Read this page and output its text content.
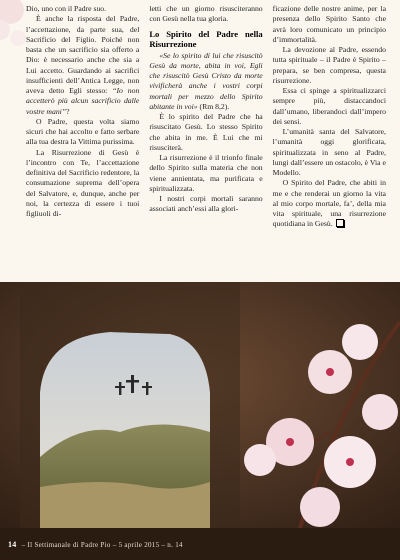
Dio, uno con il Padre suo.

È anche la risposta del Padre, l’accettazione, da parte sua, del Sacrificio del Figlio. Poiché non basta che un sacrificio sia offerto a Dio: è necessario anche che sia a Lui accetto. Guardando ai sacrifici insufficienti dell’Antica Legge, non aveva detto Egli stesso: “Io non accetterò più alcun sacrificio dalle vostre mani”?

O Padre, questa volta siamo sicuri che hai accolto e fatto serbare alla tua destra la Vittima purissima.

La Risurrezione di Gesù è l’incontro con Te, l’accettazione definitiva del Sacrificio redentore, la consumazione suprema dell’opera del Salvatore, e, dunque, anche per noi, la certezza di essere i tuoi figliuoli di-

letti che un giorno risusciteranno con Gesù nella tua gloria.

Lo Spirito del Padre nella Risurrezione

«Se lo spirito di lui che risuscitò Gesù da morte, abita in voi, Egli che risuscitò Gesù Cristo da morte vivificherà anche i vostri corpi mortali per mezzo dello Spirito abitante in voi» (Rm 8,2).

È lo spirito del Padre che ha risuscitato Gesù. Lo stesso Spirito che abita in me. È Lui che mi risusciterà.

La risurrezione è il trionfo finale dello Spirito sulla materia che non viene annientata, ma purificata e spiritualizzata.

I nostri corpi mortali saranno associati anch’essi alla glori-

ficazione delle nostre anime, per la presenza dello Spirito Santo che avrà loro comunicato un principio d’immortalità.

La devozione al Padre, essendo tutta spirituale – il Padre è Spirito – prepara, se ben compresa, questa risurrezione.

Essa ci spinge a spiritualizzarci sempre più, distaccandoci dall’umano, liberandoci dall’impero dei sensi.

L’umanità santa del Salvatore, l’umanità oggi glorificata, spiritualizzata in seno al Padre, lungi dall’essere un ostacolo, è Via e Modello.

O Spirito del Padre, che abiti in me e che renderai un giorno la vita al mio corpo mortale, fa’, della mia vita spirituale, una risurrezione quotidiana in Gesù.

14 – Il Settimanale di Padre Pio – 5 aprile 2015 – n. 14
